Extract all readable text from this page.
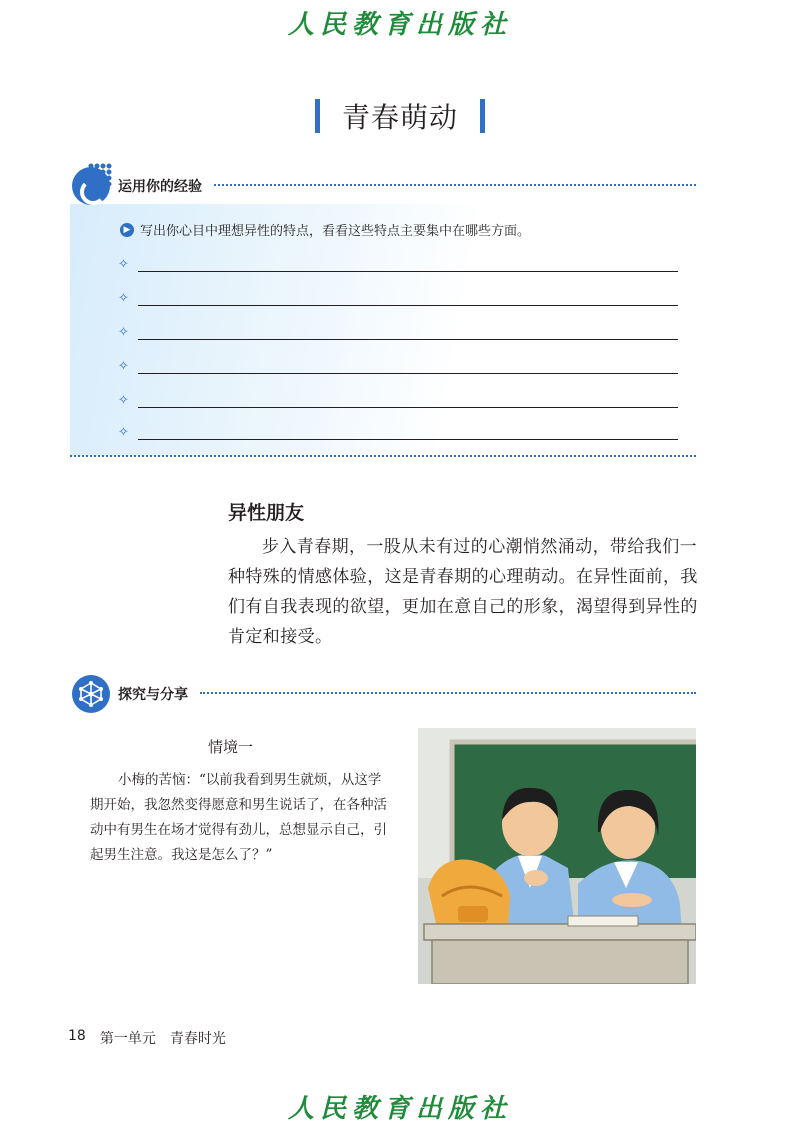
人民教育出版社
青春萌动
运用你的经验
▶ 写出你心目中理想异性的特点，看看这些特点主要集中在哪些方面。
✧
✧
✧
✧
✧
✧
异性朋友

步入青春期，一股从未有过的心潮悄然涌动，带给我们一种特殊的情感体验，这是青春期的心理萌动。在异性面前，我们有自我表现的欲望，更加在意自己的形象，渴望得到异性的肯定和接受。

探究与分享
情境一

小梅的苦恼：“以前我看到男生就烦，从这学期开始，我忽然变得愿意和男生说话了，在各种活动中有男生在场才觉得有劲儿，总想显示自己，引起男生注意。我这是怎么了？”

18 第一单元 青春时光
人民教育出版社
